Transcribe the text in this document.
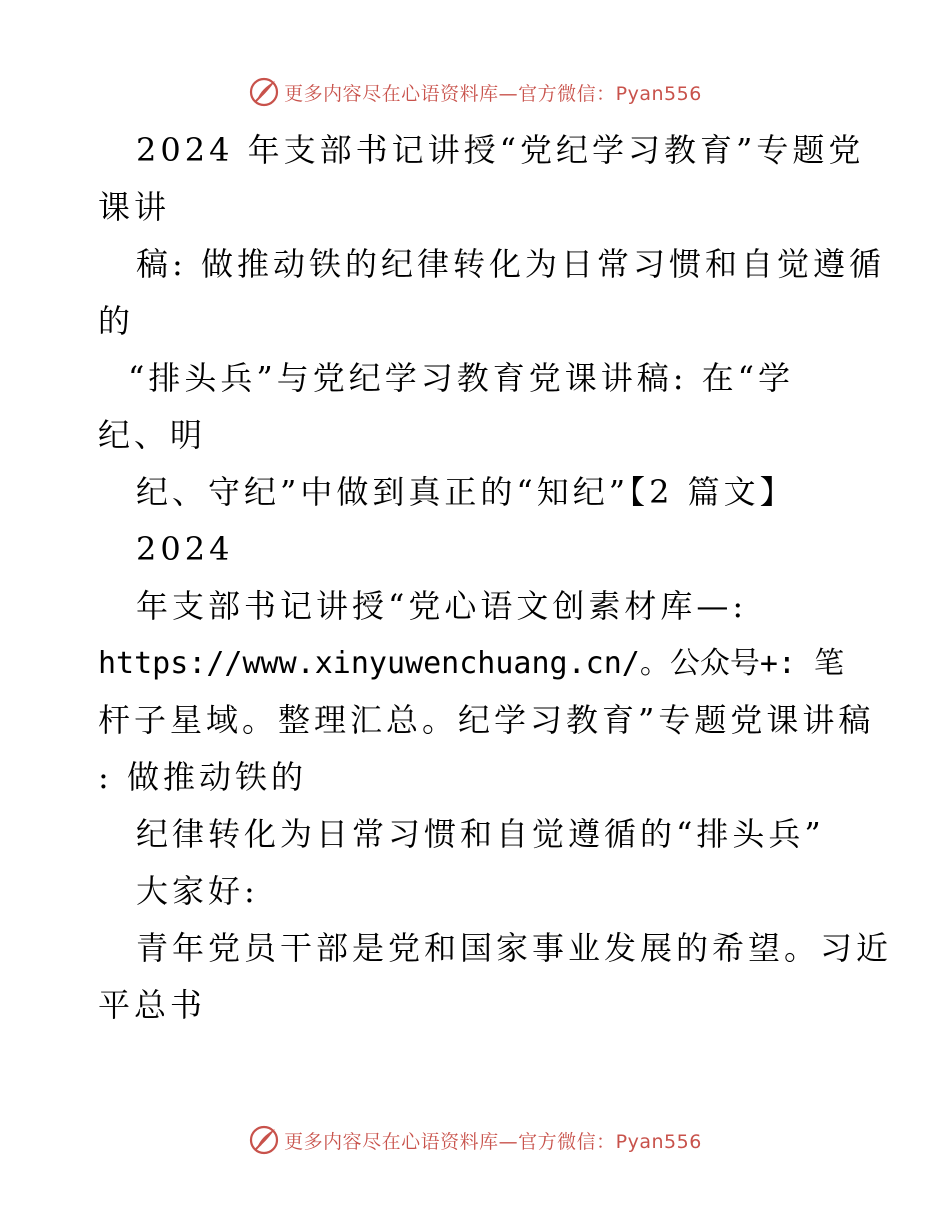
更多内容尽在心语资料库—官方微信：Pyan556
2024 年支部书记讲授“党纪学习教育”专题党
课讲
稿: 做推动铁的纪律转化为日常习惯和自觉遵循
的
“排头兵”与党纪学习教育党课讲稿: 在“学
纪、明
纪、守纪”中做到真正的“知纪”【2 篇文】
2024
年支部书记讲授“党心语文创素材库—:
https://www.xinyuwenchuang.cn/。公众号+: 笔
杆子星域。整理汇总。纪学习教育”专题党课讲稿
: 做推动铁的
纪律转化为日常习惯和自觉遵循的“排头兵”
大家好:
青年党员干部是党和国家事业发展的希望。习近
平总书
更多内容尽在心语资料库—官方微信：Pyan556
